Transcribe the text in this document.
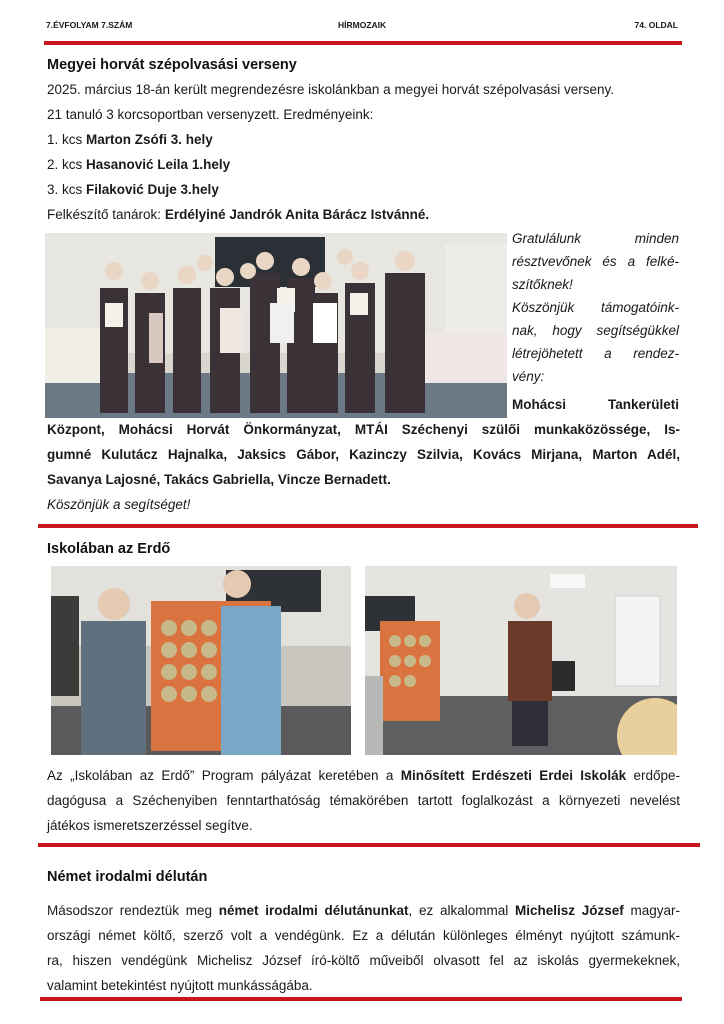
7.ÉVFOLYAM 7.SZÁM	HÍRMOZAIK	74. OLDAL
Megyei horvát szépolvasási verseny
2025. március 18-án került megrendezésre iskolánkban a megyei horvát szépolvasási verseny.
21 tanuló 3 korcsoportban versenyzett. Eredményeink:
1. kcs Marton Zsófi 3. hely
2. kcs Hasanović Leila 1.hely
3. kcs Filaković Duje 3.hely
Felkészítő tanárok: Erdélyiné Jandrók Anita Bárácz Istvánné.
Gratulálunk minden
résztvevőnek és a felké-
szítőknek!
Köszönjük támogatóink-
nak, hogy segítségükkel
létrejöhetett a rendez-
vény:
Mohácsi Tankerületi
Központ, Mohácsi Horvát Önkormányzat, MTÁI Széchenyi szülői munkaközössége, Is-
gumné Kulutácz Hajnalka, Jaksics Gábor, Kazinczy Szilvia, Kovács Mirjana, Marton Adél,
Savanya Lajosné, Takács Gabriella, Vincze Bernadett.
Köszönjük a segítséget!
Iskolában az Erdő
Az „Iskolában az Erdő” Program pályázat keretében a Minősített Erdészeti Erdei Iskolák erdőpe-
dagógusa a Széchenyiben fenntarthatóság témakörében tartott foglalkozást a környezeti nevelést
játékos ismeretszerzéssel segítve.
Német irodalmi délután
Másodszor rendeztük meg német irodalmi délutánunkat, ez alkalommal Michelisz József magyar-
országi német költő, szerző volt a vendégünk. Ez a délután különleges élményt nyújtott számunk-
ra, hiszen vendégünk Michelisz József író-költő műveiből olvasott fel az iskolás gyermekeknek,
valamint betekintést nyújtott munkásságába.
